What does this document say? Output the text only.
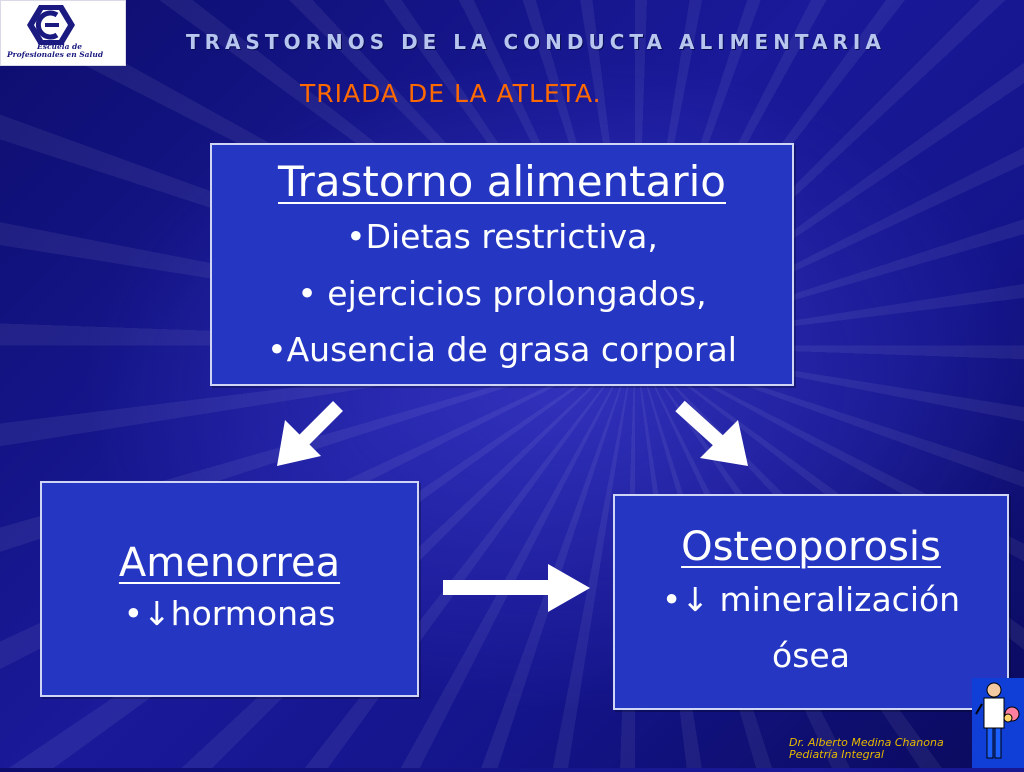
Escuela de
Profesionales en Salud
TRASTORNOS DE LA CONDUCTA ALIMENTARIA
TRIADA DE LA ATLETA.
Trastorno alimentario
•Dietas restrictiva,
• ejercicios prolongados,
•Ausencia de grasa corporal
Amenorrea
•↓hormonas
Osteoporosis
•↓ mineralización
ósea
Dr. Alberto Medina Chanona
Pediatría Integral
